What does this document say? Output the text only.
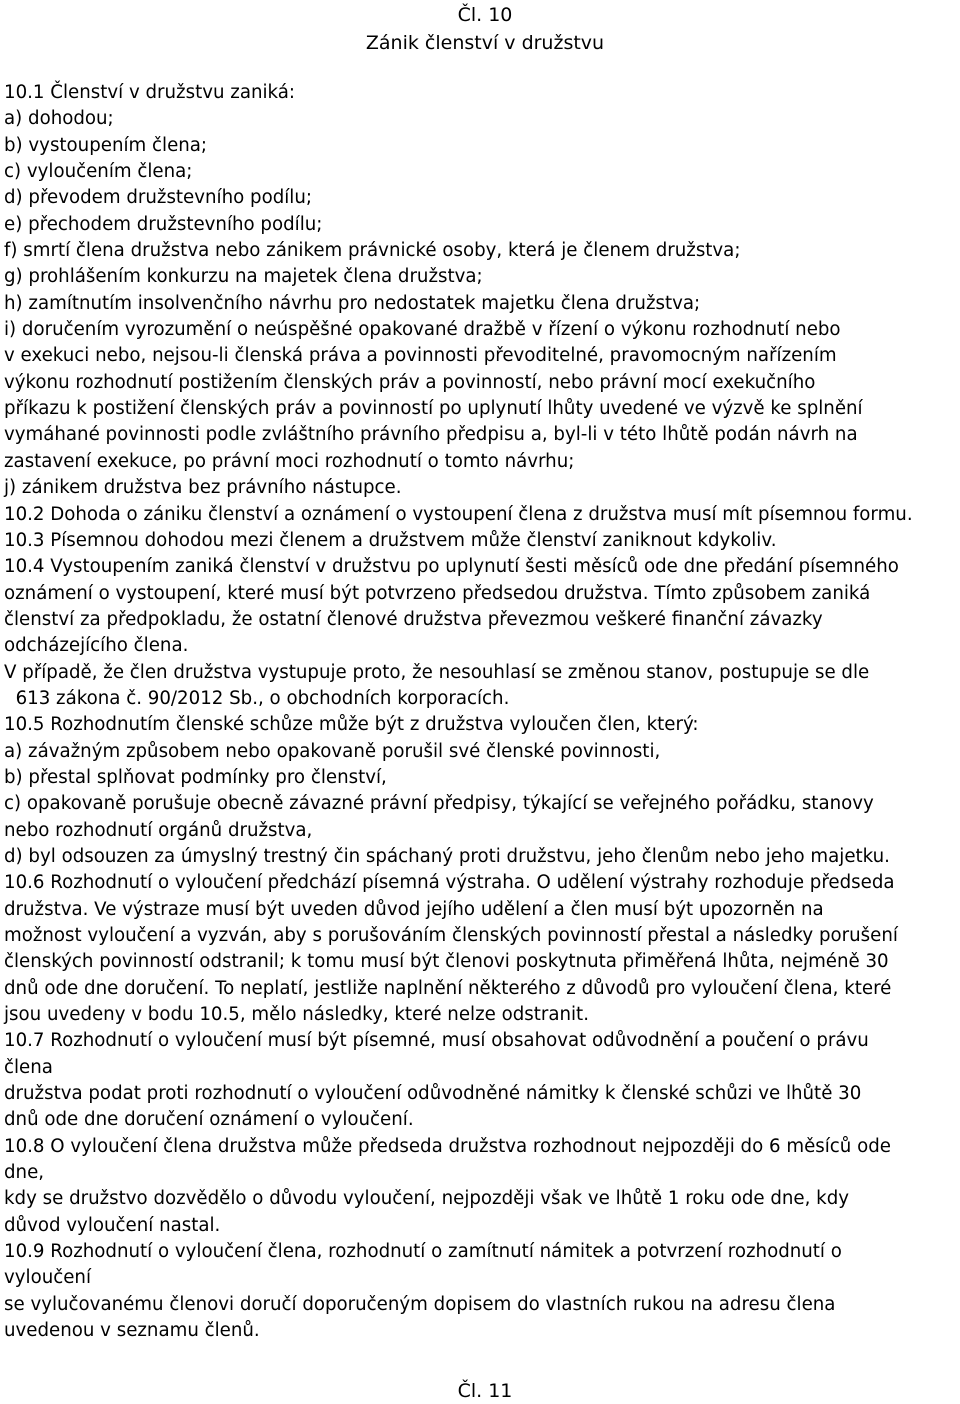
Čl. 10
Zánik členství v družstvu
10.1 Členství v družstvu zaniká:
a) dohodou;
b) vystoupením člena;
c) vyloučením člena;
d) převodem družstevního podílu;
e) přechodem družstevního podílu;
f) smrtí člena družstva nebo zánikem právnické osoby, která je členem družstva;
g) prohlášením konkurzu na majetek člena družstva;
h) zamítnutím insolvenčního návrhu pro nedostatek majetku člena družstva;
i) doručením vyrozumění o neúspěšné opakované dražbě v řízení o výkonu rozhodnutí nebo
v exekuci nebo, nejsou-li členská práva a povinnosti převoditelné, pravomocným nařízením
výkonu rozhodnutí postižením členských práv a povinností, nebo právní mocí exekučního
příkazu k postižení členských práv a povinností po uplynutí lhůty uvedené ve výzvě ke splnění
vymáhané povinnosti podle zvláštního právního předpisu a, byl-li v této lhůtě podán návrh na
zastavení exekuce, po právní moci rozhodnutí o tomto návrhu;
j) zánikem družstva bez právního nástupce.
10.2 Dohoda o zániku členství a oznámení o vystoupení člena z družstva musí mít písemnou formu.
10.3 Písemnou dohodou mezi členem a družstvem může členství zaniknout kdykoliv.
10.4 Vystoupením zaniká členství v družstvu po uplynutí šesti měsíců ode dne předání písemného
oznámení o vystoupení, které musí být potvrzeno předsedou družstva. Tímto způsobem zaniká
členství za předpokladu, že ostatní členové družstva převezmou veškeré finanční závazky
odcházejícího člena.
V případě, že člen družstva vystupuje proto, že nesouhlasí se změnou stanov, postupuje se dle
613 zákona č. 90/2012 Sb., o obchodních korporacích.
10.5 Rozhodnutím členské schůze může být z družstva vyloučen člen, který:
a) závažným způsobem nebo opakovaně porušil své členské povinnosti,
b) přestal splňovat podmínky pro členství,
c) opakovaně porušuje obecně závazné právní předpisy, týkající se veřejného pořádku, stanovy
nebo rozhodnutí orgánů družstva,
d) byl odsouzen za úmyslný trestný čin spáchaný proti družstvu, jeho členům nebo jeho majetku.
10.6 Rozhodnutí o vyloučení předchází písemná výstraha. O udělení výstrahy rozhoduje předseda
družstva. Ve výstraze musí být uveden důvod jejího udělení a člen musí být upozorněn na
možnost vyloučení a vyzván, aby s porušováním členských povinností přestal a následky porušení
členských povinností odstranil; k tomu musí být členovi poskytnuta přiměřená lhůta, nejméně 30
dnů ode dne doručení. To neplatí, jestliže naplnění některého z důvodů pro vyloučení člena, které
jsou uvedeny v bodu 10.5, mělo následky, které nelze odstranit.
10.7 Rozhodnutí o vyloučení musí být písemné, musí obsahovat odůvodnění a poučení o právu
člena
družstva podat proti rozhodnutí o vyloučení odůvodněné námitky k členské schůzi ve lhůtě 30
dnů ode dne doručení oznámení o vyloučení.
10.8 O vyloučení člena družstva může předseda družstva rozhodnout nejpozději do 6 měsíců ode
dne,
kdy se družstvo dozvědělo o důvodu vyloučení, nejpozději však ve lhůtě 1 roku ode dne, kdy
důvod vyloučení nastal.
10.9 Rozhodnutí o vyloučení člena, rozhodnutí o zamítnutí námitek a potvrzení rozhodnutí o
vyloučení
se vylučovanému členovi doručí doporučeným dopisem do vlastních rukou na adresu člena
uvedenou v seznamu členů.
Čl. 11
